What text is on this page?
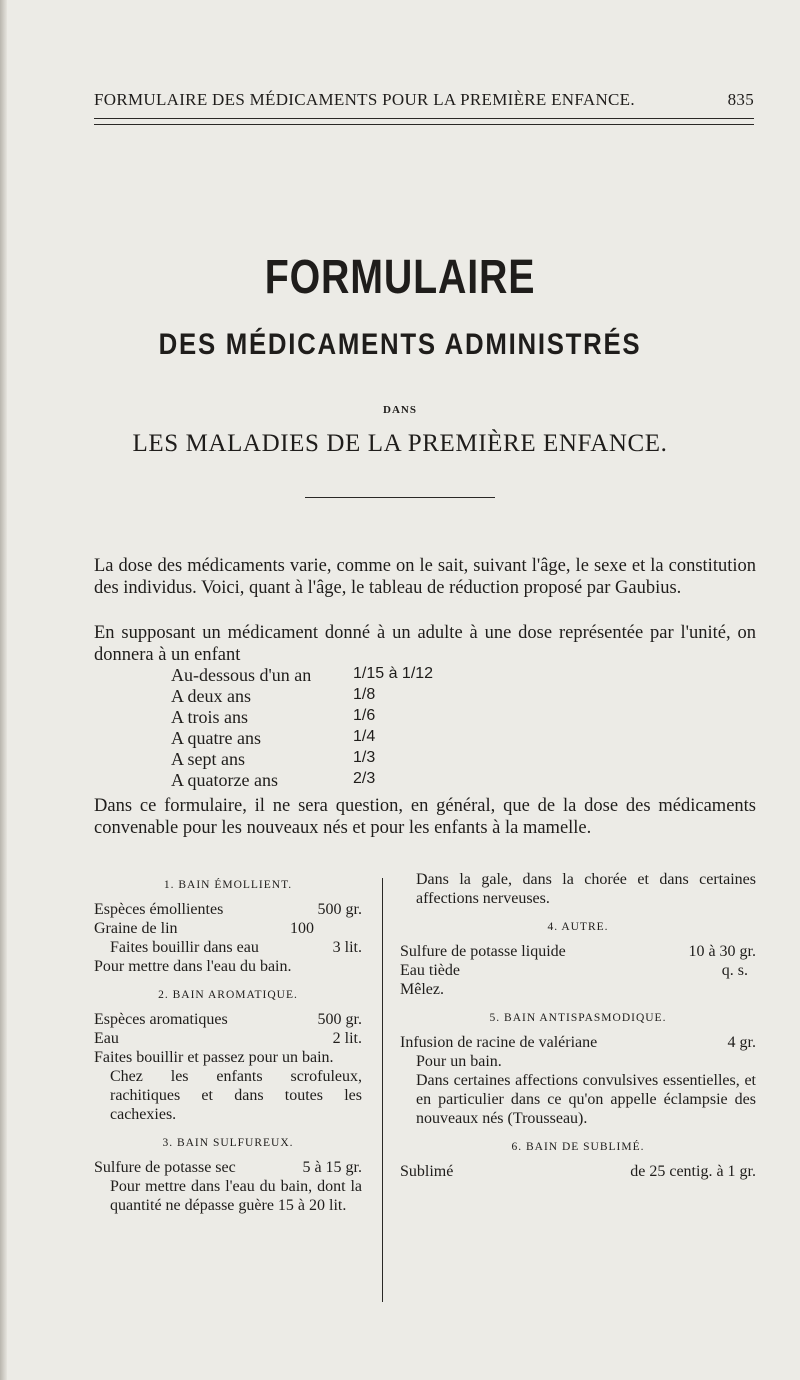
FORMULAIRE DES MÉDICAMENTS POUR LA PREMIÈRE ENFANCE.	835
FORMULAIRE
DES MÉDICAMENTS ADMINISTRÉS
DANS
LES MALADIES DE LA PREMIÈRE ENFANCE.
La dose des médicaments varie, comme on le sait, suivant l'âge, le sexe et la constitution des individus. Voici, quant à l'âge, le tableau de réduction proposé par Gaubius.
En supposant un médicament donné à un adulte à une dose représentée par l'unité, on donnera à un enfant
Au-dessous d'un an	1/15 à 1/12
A deux ans	1/8
A trois ans	1/6
A quatre ans	1/4
A sept ans	1/3
A quatorze ans	2/3
Dans ce formulaire, il ne sera question, en général, que de la dose des médicaments convenable pour les nouveaux nés et pour les enfants à la mamelle.
1. BAIN ÉMOLLIENT.
Espèces émollientes	500 gr.
Graine de lin	100
Faites bouillir dans eau	3 lit.
Pour mettre dans l'eau du bain.
2. BAIN AROMATIQUE.
Espèces aromatiques	500 gr.
Eau	2 lit.
Faites bouillir et passez pour un bain.
Chez les enfants scrofuleux, rachitiques et dans toutes les cachexies.
3. BAIN SULFUREUX.
Sulfure de potasse sec	5 à 15 gr.
Pour mettre dans l'eau du bain, dont la quantité ne dépasse guère 15 à 20 lit.
Dans la gale, dans la chorée et dans certaines affections nerveuses.
4. AUTRE.
Sulfure de potasse liquide	10 à 30 gr.
Eau tiède	q. s.
Mêlez.
5. BAIN ANTISPASMODIQUE.
Infusion de racine de valériane	4 gr.
Pour un bain.
Dans certaines affections convulsives essentielles, et en particulier dans ce qu'on appelle éclampsie des nouveaux nés (Trousseau).
6. BAIN DE SUBLIMÉ.
Sublimé	de 25 centig. à 1 gr.
